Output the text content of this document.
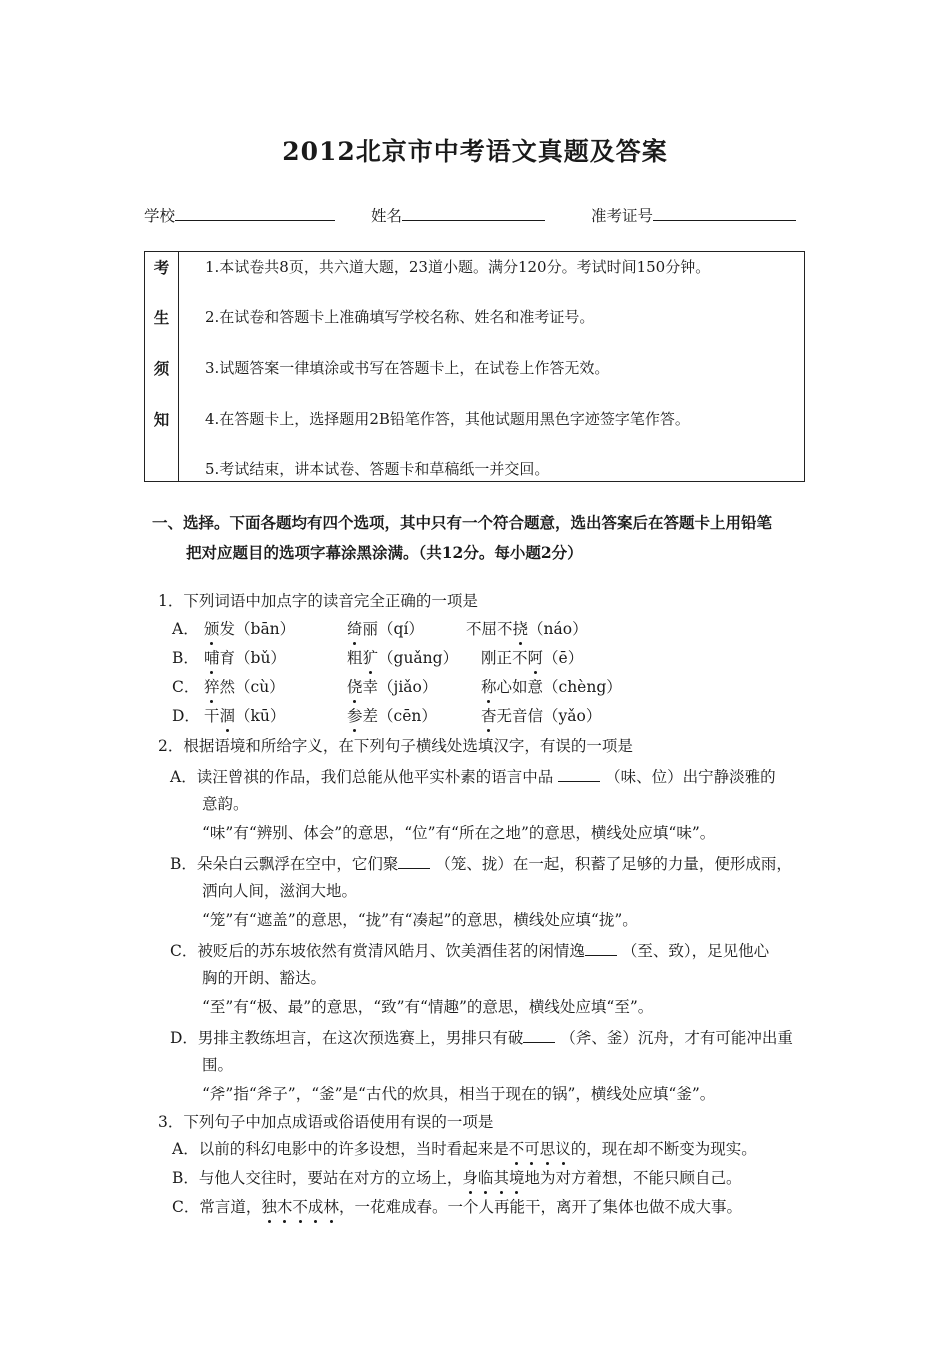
2012北京市中考语文真题及答案
学校	姓名	准考证号
考
生
须
知
1.本试卷共8页，共六道大题，23道小题。满分120分。考试时间150分钟。
2.在试卷和答题卡上准确填写学校名称、姓名和准考证号。
3.试题答案一律填涂或书写在答题卡上，在试卷上作答无效。
4.在答题卡上，选择题用2B铅笔作答，其他试题用黑色字迹签字笔作答。
5.考试结束，讲本试卷、答题卡和草稿纸一并交回。
一、选择。下面各题均有四个选项，其中只有一个符合题意，选出答案后在答题卡上用铅笔
把对应题目的选项字幕涂黑涂满。（共12分。每小题2分）
1．下列词语中加点字的读音完全正确的一项是
A． 颁发（bān）	绮丽（qí）	不屈不挠（náo）
B． 哺育（bǔ）	粗犷（guǎng） 刚正不阿（ē）
C． 猝然（cù）	侥幸（jiǎo）	称心如意（chèng）
D． 干涸（kū）	参差（cēn）	杳无音信（yǎo）
2．根据语境和所给字义，在下列句子横线处选填汉字，有误的一项是
A．读汪曾祺的作品，我们总能从他平实朴素的语言中品	（味、位）出宁静淡雅的
意韵。
“味”有“辨别、体会”的意思，“位”有“所在之地”的意思，横线处应填“味”。
B．朵朵白云飘浮在空中，它们聚 （笼、拢）在一起，积蓄了足够的力量，便形成雨，
洒向人间，滋润大地。
“笼”有“遮盖”的意思，“拢”有“凑起”的意思，横线处应填“拢”。
C．被贬后的苏东坡依然有赏清风皓月、饮美酒佳茗的闲情逸 （至、致），足见他心
胸的开朗、豁达。
“至”有“极、最”的意思，“致”有“情趣”的意思，横线处应填“至”。
D．男排主教练坦言，在这次预选赛上，男排只有破 （斧、釜）沉舟，才有可能冲出重
围。
“斧”指“斧子”，“釜”是“古代的炊具，相当于现在的锅”，横线处应填“釜”。
3．下列句子中加点成语或俗语使用有误的一项是
A．以前的科幻电影中的许多设想，当时看起来是不可思议的，现在却不断变为现实。
B．与他人交往时，要站在对方的立场上，身临其境地为对方着想，不能只顾自己。
C．常言道，独木不成林，一花难成春。一个人再能干，离开了集体也做不成大事。
